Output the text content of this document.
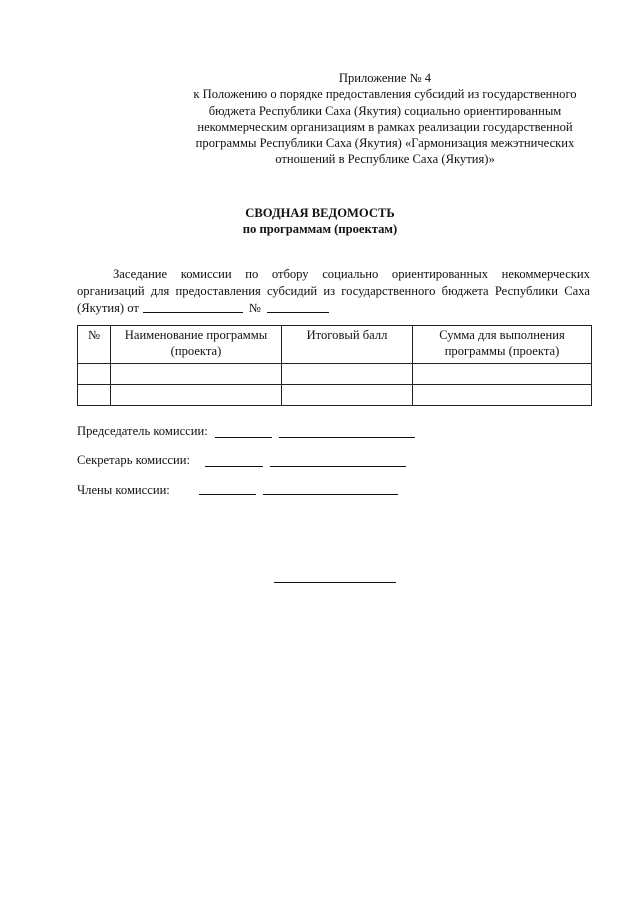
Приложение № 4
к Положению о порядке предоставления субсидий из государственного
бюджета Республики Саха (Якутия) социально ориентированным
некоммерческим организациям в рамках реализации государственной
программы Республики Саха (Якутия) «Гармонизация межэтнических
отношений в Республике Саха (Якутия)»
СВОДНАЯ ВЕДОМОСТЬ
по программам (проектам)
Заседание комиссии по отбору социально ориентированных некоммерческих
организаций для предоставления субсидий из государственного бюджета Республики Саха
(Якутия) от	№
№	Наименование программы (проекта)	Итоговый балл	Сумма для выполнения программы (проекта)

Председатель комиссии:
Секретарь комиссии:
Члены комиссии:
